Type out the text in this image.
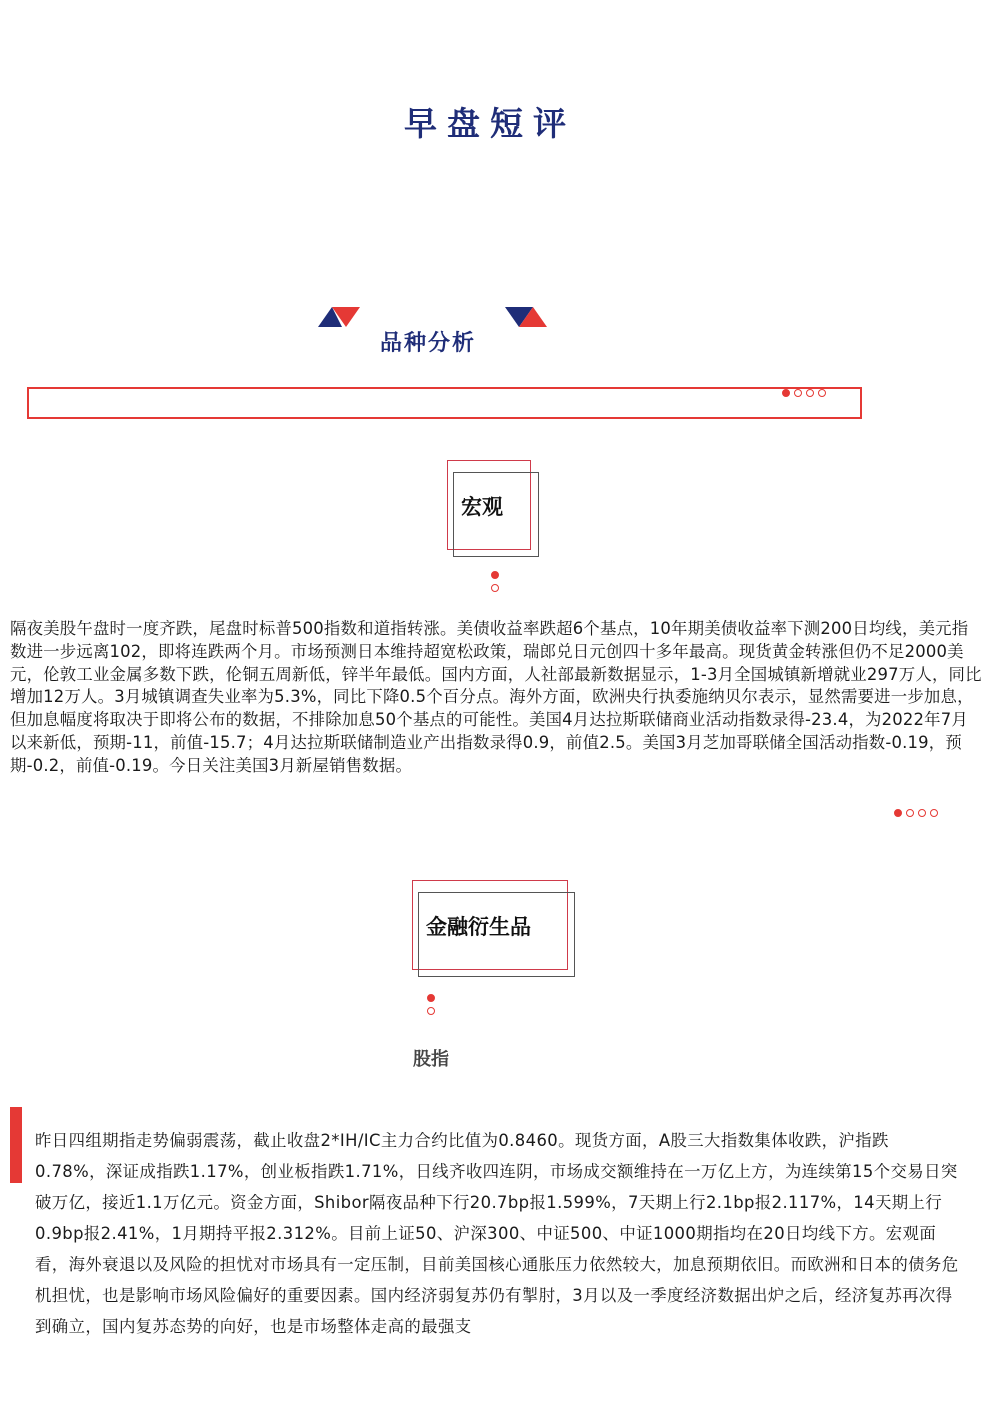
早盘短评
品种分析
宏观
隔夜美股午盘时一度齐跌，尾盘时标普500指数和道指转涨。美债收益率跌超6个基点，10年期美债收益率下测200日均线，美元指数进一步远离102，即将连跌两个月。市场预测日本维持超宽松政策，瑞郎兑日元创四十多年最高。现货黄金转涨但仍不足2000美元，伦敦工业金属多数下跌，伦铜五周新低，锌半年最低。国内方面，人社部最新数据显示，1-3月全国城镇新增就业297万人，同比增加12万人。3月城镇调查失业率为5.3%，同比下降0.5个百分点。海外方面，欧洲央行执委施纳贝尔表示，显然需要进一步加息，但加息幅度将取决于即将公布的数据，不排除加息50个基点的可能性。美国4月达拉斯联储商业活动指数录得-23.4，为2022年7月以来新低，预期-11，前值-15.7；4月达拉斯联储制造业产出指数录得0.9，前值2.5。美国3月芝加哥联储全国活动指数-0.19，预期-0.2，前值-0.19。今日关注美国3月新屋销售数据。
金融衍生品
股指
昨日四组期指走势偏弱震荡，截止收盘2*IH/IC主力合约比值为0.8460。现货方面，A股三大指数集体收跌，沪指跌0.78%，深证成指跌1.17%，创业板指跌1.71%，日线齐收四连阴，市场成交额维持在一万亿上方，为连续第15个交易日突破万亿，接近1.1万亿元。资金方面，Shibor隔夜品种下行20.7bp报1.599%，7天期上行2.1bp报2.117%，14天期上行0.9bp报2.41%，1月期持平报2.312%。目前上证50、沪深300、中证500、中证1000期指均在20日均线下方。宏观面看，海外衰退以及风险的担忧对市场具有一定压制，目前美国核心通胀压力依然较大，加息预期依旧。而欧洲和日本的债务危机担忧，也是影响市场风险偏好的重要因素。国内经济弱复苏仍有掣肘，3月以及一季度经济数据出炉之后，经济复苏再次得到确立，国内复苏态势的向好，也是市场整体走高的最强支
